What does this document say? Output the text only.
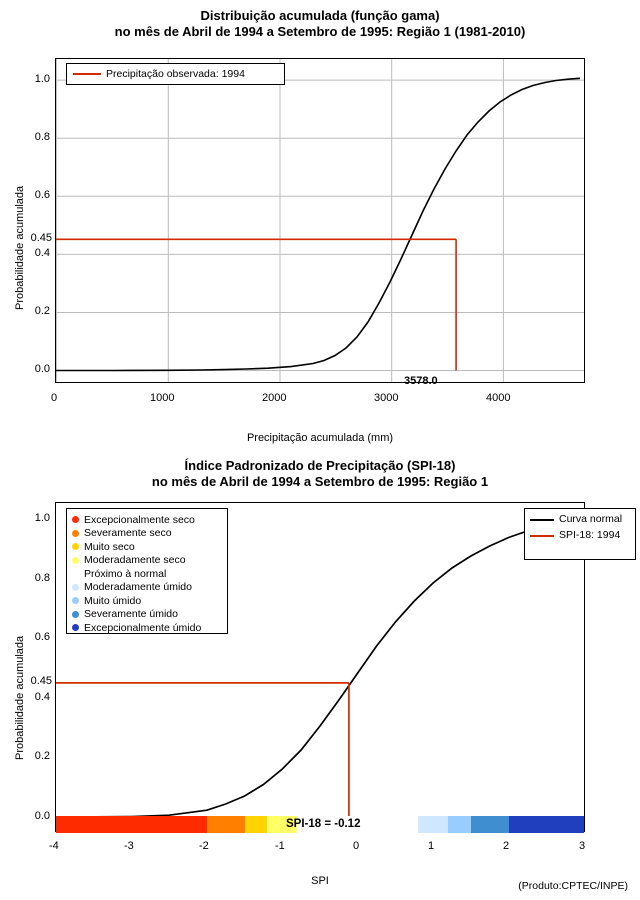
Distribuição acumulada (função gama)
no mês de Abril de 1994 a Setembro de 1995: Região 1 (1981-2010)
Probabilidade acumulada
Precipitação observada: 1994
0.0
0.2
0.4
0.6
0.8
1.0
0.45
0	1000	2000	3000	4000
3578.0
Precipitação acumulada (mm)
Índice Padronizado de Precipitação (SPI-18)
no mês de Abril de 1994 a Setembro de 1995: Região 1
Probabilidade acumulada
Excepcionalmente seco
Severamente seco
Muito seco
Moderadamente seco
Próximo à normal
Moderadamente úmido
Muito úmido
Severamente úmido
Excepcionalmente úmido
Curva normal
SPI-18: 1994
SPI-18 = -0.12
0.0
0.2
0.4
0.6
0.8
1.0
0.45
-4	-3	-2	-1	0	1	2	3
SPI	(Produto:CPTEC/INPE)
